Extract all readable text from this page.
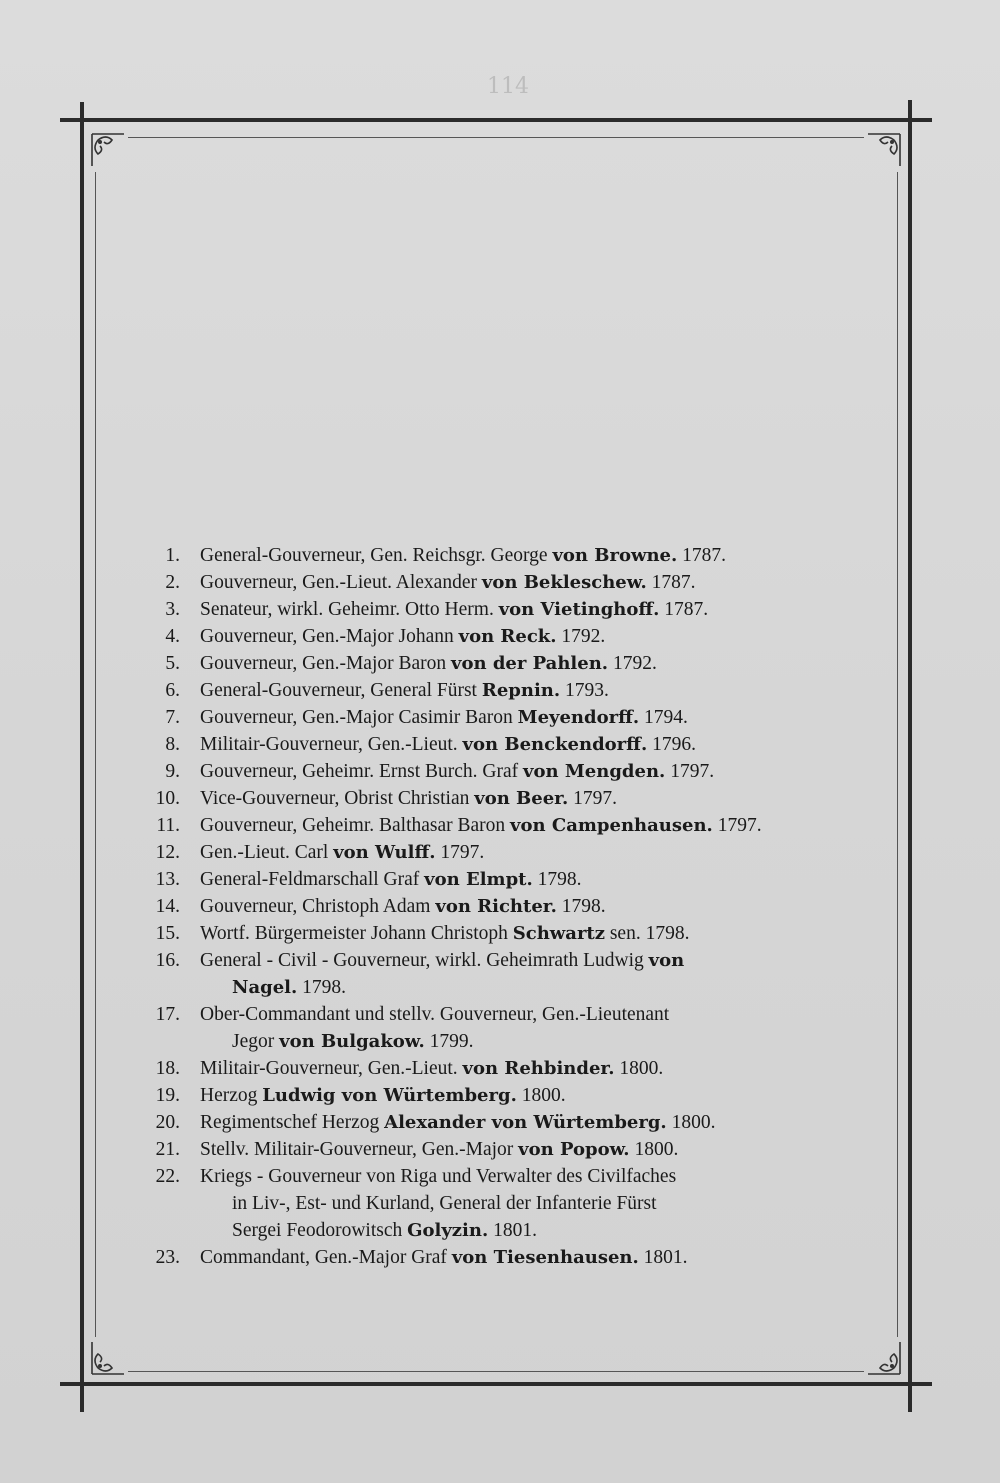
114
1. General-Gouverneur, Gen. Reichsgr. George von Browne. 1787.
2. Gouverneur, Gen.-Lieut. Alexander von Bekleschew. 1787.
3. Senateur, wirkl. Geheimr. Otto Herm. von Vietinghoff. 1787.
4. Gouverneur, Gen.-Major Johann von Reck. 1792.
5. Gouverneur, Gen.-Major Baron von der Pahlen. 1792.
6. General-Gouverneur, General Fürst Repnin. 1793.
7. Gouverneur, Gen.-Major Casimir Baron Meyendorff. 1794.
8. Militair-Gouverneur, Gen.-Lieut. von Benckendorff. 1796.
9. Gouverneur, Geheimr. Ernst Burch. Graf von Mengden. 1797.
10. Vice-Gouverneur, Obrist Christian von Beer. 1797.
11. Gouverneur, Geheimr. Balthasar Baron von Campenhausen. 1797.
12. Gen.-Lieut. Carl von Wulff. 1797.
13. General-Feldmarschall Graf von Elmpt. 1798.
14. Gouverneur, Christoph Adam von Richter. 1798.
15. Wortf. Bürgermeister Johann Christoph Schwartz sen. 1798.
16. General - Civil - Gouverneur, wirkl. Geheimrath Ludwig von
Nagel. 1798.
17. Ober-Commandant und stellv. Gouverneur, Gen.-Lieutenant
Jegor von Bulgakow. 1799.
18. Militair-Gouverneur, Gen.-Lieut. von Rehbinder. 1800.
19. Herzog Ludwig von Würtemberg. 1800.
20. Regimentschef Herzog Alexander von Würtemberg. 1800.
21. Stellv. Militair-Gouverneur, Gen.-Major von Popow. 1800.
22. Kriegs - Gouverneur von Riga und Verwalter des Civilfaches
in Liv-, Est- und Kurland, General der Infanterie Fürst
Sergei Feodorowitsch Golyzin. 1801.
23. Commandant, Gen.-Major Graf von Tiesenhausen. 1801.
